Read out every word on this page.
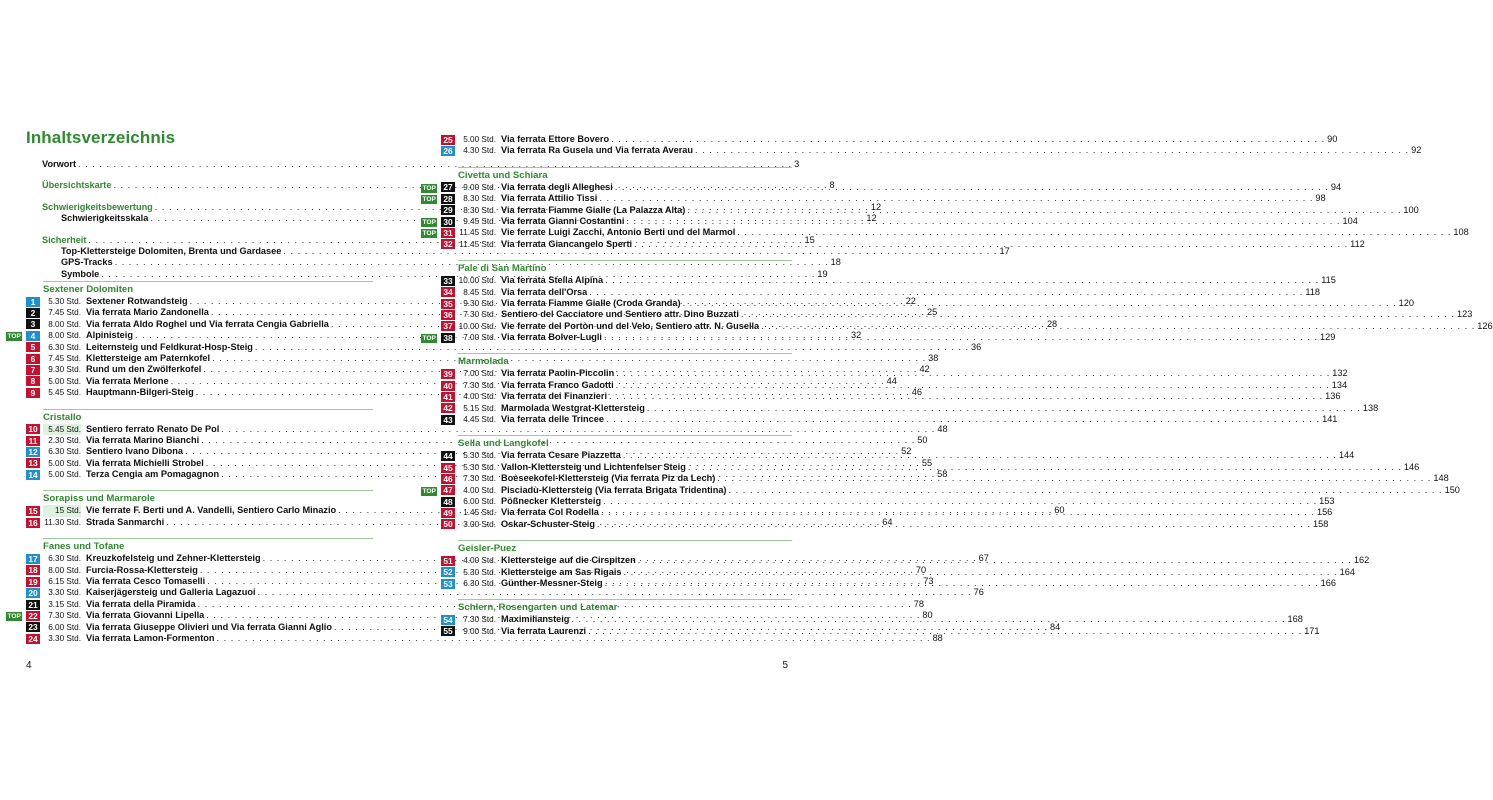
Inhaltsverzeichnis
Vorwort . . .	3
Übersichtskarte . . .	8
Schwierigkeitsbewertung . . .	12
Schwierigkeitsskala . . .	12
Sicherheit . . .	15
Top-Klettersteige Dolomiten, Brenta und Gardasee . . .	17
GPS-Tracks . . .	18
Symbole . . .	19
Sextener Dolomiten
1	5.30 Std. Sextener Rotwandsteig . . .	22
2	7.45 Std. Via ferrata Mario Zandonella . . .	25
3	8.00 Std. Via ferrata Aldo Roghel und Via ferrata Cengia Gabriella . . .	28
TOP	4	8.00 Std. Alpinisteig . . .	32
5	6.30 Std. Leiternsteig und Feldkurat-Hosp-Steig . . .	36
6	7.45 Std. Klettersteige am Paternkofel . . .	38
7	9.30 Std. Rund um den Zwölferkofel . . .	42
8	5.00 Std. Via ferrata Merlone . . .	44
9	5.45 Std. Hauptmann-Bilgeri-Steig . . .	46
Cristallo
10	5.45 Std. Sentiero ferrato Renato De Pol . . .	48
11	2.30 Std. Via ferrata Marino Bianchi . . .	50
12	6.30 Std. Sentiero Ivano Dibona . . .	52
13	5.00 Std. Via ferrata Michielli Strobel . . .	55
14	5.00 Std. Terza Cengia am Pomagagnon . . .	58
Sorapiss und Marmarole
15	15 Std. Vie ferrate F. Berti und A. Vandelli, Sentiero Carlo Minazio . . .	60
16 11.30 Std. Strada Sanmarchi . . .	64
Fanes und Tofane
17	6.30 Std. Kreuzkofelsteig und Zehner-Klettersteig . . .	67
18	8.00 Std. Furcia-Rossa-Klettersteig . . .	70
19	6.15 Std. Via ferrata Cesco Tomaselli . . .	73
20	3.30 Std. Kaiserjägersteig und Galleria Lagazuoi . . .	76
21	3.15 Std. Via ferrata della Piramida . . .	78
TOP 22	7.30 Std. Via ferrata Giovanni Lipella . . .	80
23	6.00 Std. Via ferrata Giuseppe Olivieri und Via ferrata Gianni Aglio . . .	84
24	3.30 Std. Via ferrata Lamon-Formenton . . .	88
4
25	5.00 Std. Via ferrata Ettore Bovero . . .	90
26	4.30 Std. Via ferrata Ra Gusela und Via ferrata Averau . . .	92
Civetta und Schiara
TOP 27	9.00 Std. Via ferrata degli Alleghesi . . .	94
TOP 28	8.30 Std. Via ferrata Attilio Tissi . . .	98
29	8.30 Std. Via ferrata Fiamme Gialle (La Palazza Alta) . . .	100
TOP 30	9.45 Std. Via ferrata Gianni Costantini . . .	104
TOP 31 11.45 Std. Vie ferrate Luigi Zacchi, Antonio Berti und del Marmol . . .	108
32 11.45 Std. Via ferrata Giancangelo Sperti . . .	112
Pale di San Martino
33 10.00 Std. Via ferrata Stella Alpina . . .	115
34	8.45 Std. Via ferrata dell'Orsa . . .	118
35	9.30 Std. Via ferrata Fiamme Gialle (Croda Granda) . . .	120
36	7.30 Std. Sentiero del Cacciatore und Sentiero attr. Dino Buzzati . . .	123
37 10.00 Std. Vie ferrate del Portòn und del Velo, Sentiero attr. N. Gusella . . .	126
TOP 38	7.00 Std. Via ferrata Bolver-Lugli . . .	129
Marmolada
39	7.00 Std. Via ferrata Paolin-Piccolin . . .	132
40	7.30 Std. Via ferrata Franco Gadotti . . .	134
41	4.00 Std. Via ferrata dei Finanzieri . . .	136
42	5.15 Std. Marmolada Westgrat-Klettersteig . . .	138
43	4.45 Std. Via ferrata delle Trincee . . .	141
Sella und Langkofel
44	5.30 Std. Via ferrata Cesare Piazzetta . . .	144
45	5.30 Std. Vallon-Klettersteig und Lichtenfelser Steig . . .	146
46	7.30 Std. Boèseekofel-Klettersteig (Via ferrata Piz da Lech) . . .	148
TOP 47	4.00 Std. Pisciadù-Klettersteig (Via ferrata Brigata Tridentina) . . .	150
48	6.00 Std. Pößnecker Klettersteig . . .	153
49	1.45 Std. Via ferrata Col Rodella . . .	156
50	3.00 Std. Oskar-Schuster-Steig . . .	158
Geisler-Puez
51	4.00 Std. Klettersteige auf die Cirspitzen . . .	162
52	5.30 Std. Klettersteige am Sas Rigais . . .	164
53	6.30 Std. Günther-Messner-Steig . . .	166
Schlern, Rosengarten und Latemar
54	7.30 Std. Maximiliansteig . . .	168
55	9.00 Std. Via ferrata Laurenzi . . .	171
5
